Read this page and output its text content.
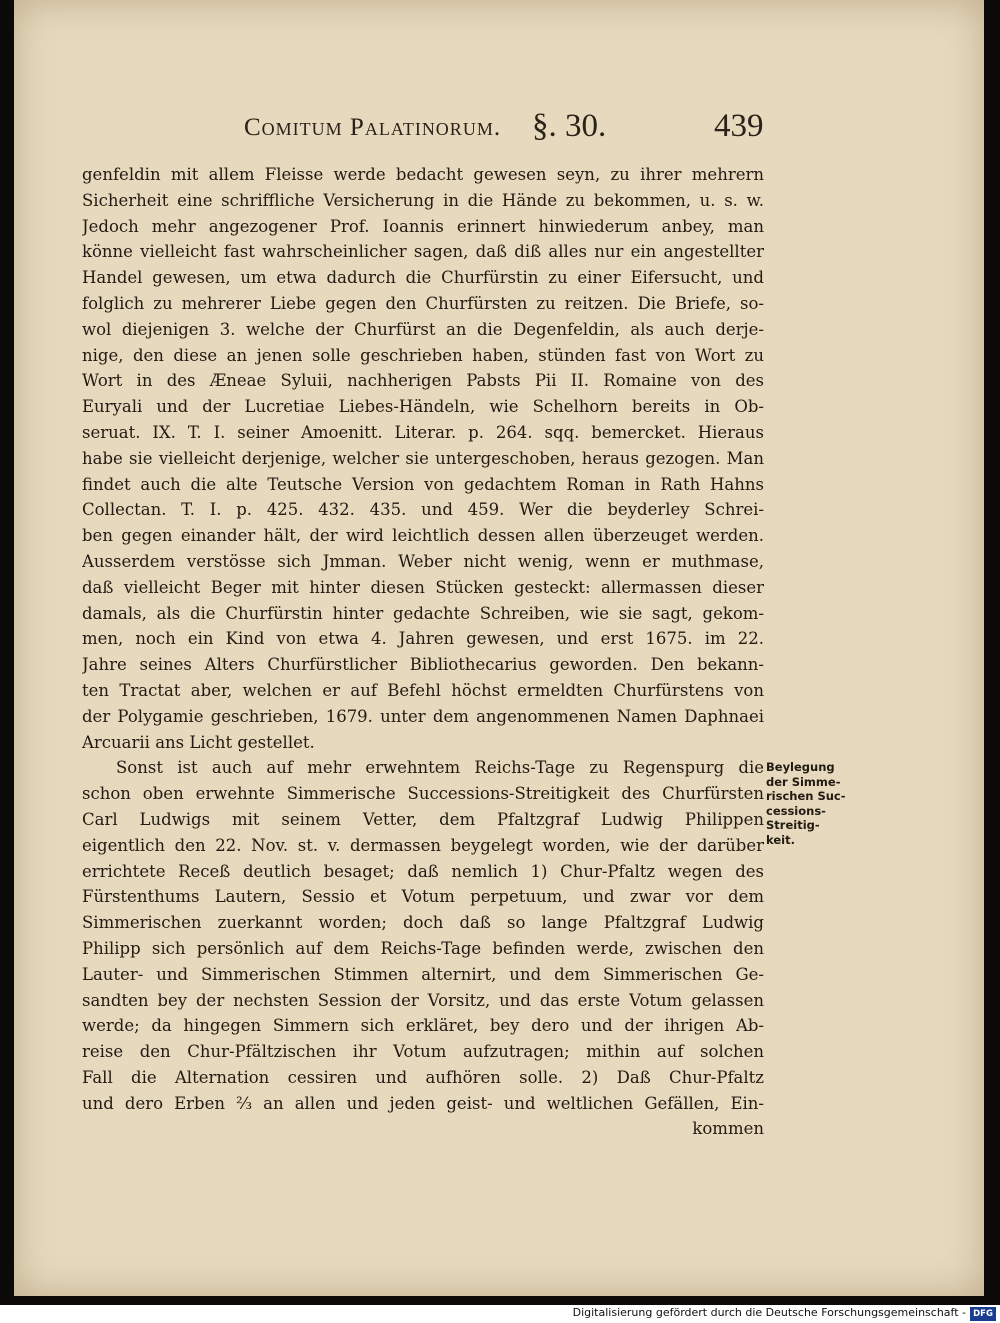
Comitum Palatinorum. §. 30.	439
genfeldin mit allem Fleisse werde bedacht gewesen seyn, zu ihrer mehrern
Sicherheit eine schriffliche Versicherung in die Hände zu bekommen, u. s. w.
Jedoch mehr angezogener Prof. Ioannis erinnert hinwiederum anbey, man
könne vielleicht fast wahrscheinlicher sagen, daß diß alles nur ein angestellter
Handel gewesen, um etwa dadurch die Churfürstin zu einer Eifersucht, und
folglich zu mehrerer Liebe gegen den Churfürsten zu reitzen. Die Briefe, so-
wol diejenigen 3. welche der Churfürst an die Degenfeldin, als auch derje-
nige, den diese an jenen solle geschrieben haben, stünden fast von Wort zu
Wort in des Æneae Syluii, nachherigen Pabsts Pii II. Romaine von des
Euryali und der Lucretiae Liebes-Händeln, wie Schelhorn bereits in Ob-
seruat. IX. T. I. seiner Amoenitt. Literar. p. 264. sqq. bemercket. Hieraus
habe sie vielleicht derjenige, welcher sie untergeschoben, heraus gezogen. Man
findet auch die alte Teutsche Version von gedachtem Roman in Rath Hahns
Collectan. T. I. p. 425. 432. 435. und 459. Wer die beyderley Schrei-
ben gegen einander hält, der wird leichtlich dessen allen überzeuget werden.
Ausserdem verstösse sich Jmman. Weber nicht wenig, wenn er muthmase,
daß vielleicht Beger mit hinter diesen Stücken gesteckt: allermassen dieser
damals, als die Churfürstin hinter gedachte Schreiben, wie sie sagt, gekom-
men, noch ein Kind von etwa 4. Jahren gewesen, und erst 1675. im 22.
Jahre seines Alters Churfürstlicher Bibliothecarius geworden. Den bekann-
ten Tractat aber, welchen er auf Befehl höchst ermeldten Churfürstens von
der Polygamie geschrieben, 1679. unter dem angenommenen Namen Daphnaei
Arcuarii ans Licht gestellet.
Sonst ist auch auf mehr erwehntem Reichs-Tage zu Regenspurg die
schon oben erwehnte Simmerische Successions-Streitigkeit des Churfürsten
Carl Ludwigs mit seinem Vetter, dem Pfaltzgraf Ludwig Philippen
eigentlich den 22. Nov. st. v. dermassen beygelegt worden, wie der darüber
errichtete Receß deutlich besaget; daß nemlich 1) Chur-Pfaltz wegen des
Fürstenthums Lautern, Sessio et Votum perpetuum, und zwar vor dem
Simmerischen zuerkannt worden; doch daß so lange Pfaltzgraf Ludwig
Philipp sich persönlich auf dem Reichs-Tage befinden werde, zwischen den
Lauter- und Simmerischen Stimmen alternirt, und dem Simmerischen Ge-
sandten bey der nechsten Session der Vorsitz, und das erste Votum gelassen
werde; da hingegen Simmern sich erkläret, bey dero und der ihrigen Ab-
reise den Chur-Pfältzischen ihr Votum aufzutragen; mithin auf solchen
Fall die Alternation cessiren und aufhören solle. 2) Daß Chur-Pfaltz
und dero Erben ⅔ an allen und jeden geist- und weltlichen Gefällen, Ein-
kommen
Beylegung
der Simme-
rischen Suc-
cessions-
Streitig-
keit.
Digitalisierung gefördert durch die Deutsche Forschungsgemeinschaft - DFG
